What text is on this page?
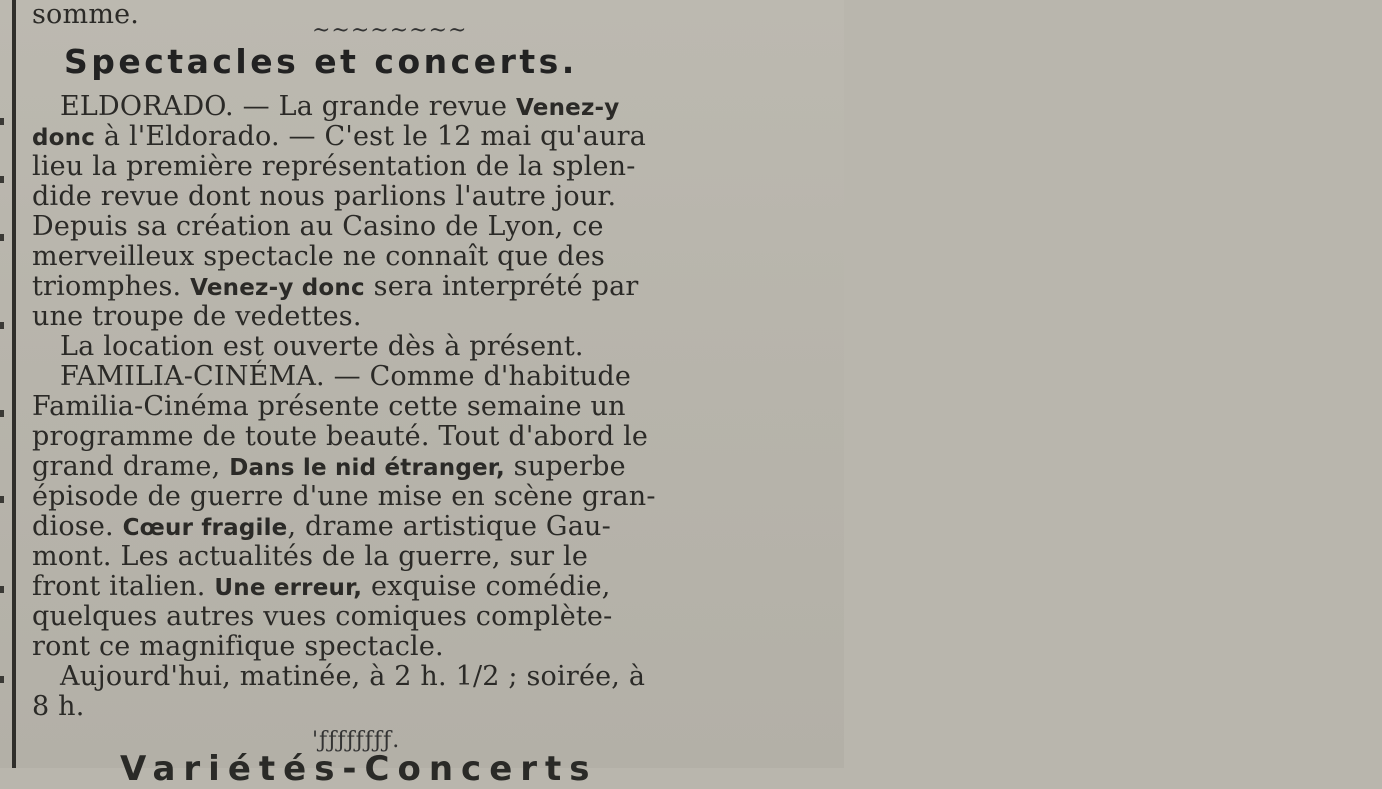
somme.
~~~~~~~~
Spectacles et concerts.
ELDORADO. — La grande revue Venez-y
donc à l'Eldorado. — C'est le 12 mai qu'aura
lieu la première représentation de la splen-
dide revue dont nous parlions l'autre jour.
Depuis sa création au Casino de Lyon, ce
merveilleux spectacle ne connaît que des
triomphes. Venez-y donc sera interprété par
une troupe de vedettes.
La location est ouverte dès à présent.
FAMILIA-CINÉMA. — Comme d'habitude
Familia-Cinéma présente cette semaine un
programme de toute beauté. Tout d'abord le
grand drame, Dans le nid étranger, superbe
épisode de guerre d'une mise en scène gran-
diose. Cœur fragile, drame artistique Gau-
mont. Les actualités de la guerre, sur le
front italien. Une erreur, exquise comédie,
quelques autres vues comiques complète-
ront ce magnifique spectacle.
Aujourd'hui, matinée, à 2 h. 1/2 ; soirée, à
8 h.
'ƒƒƒƒƒƒƒƒ.
Variétés-Concerts
